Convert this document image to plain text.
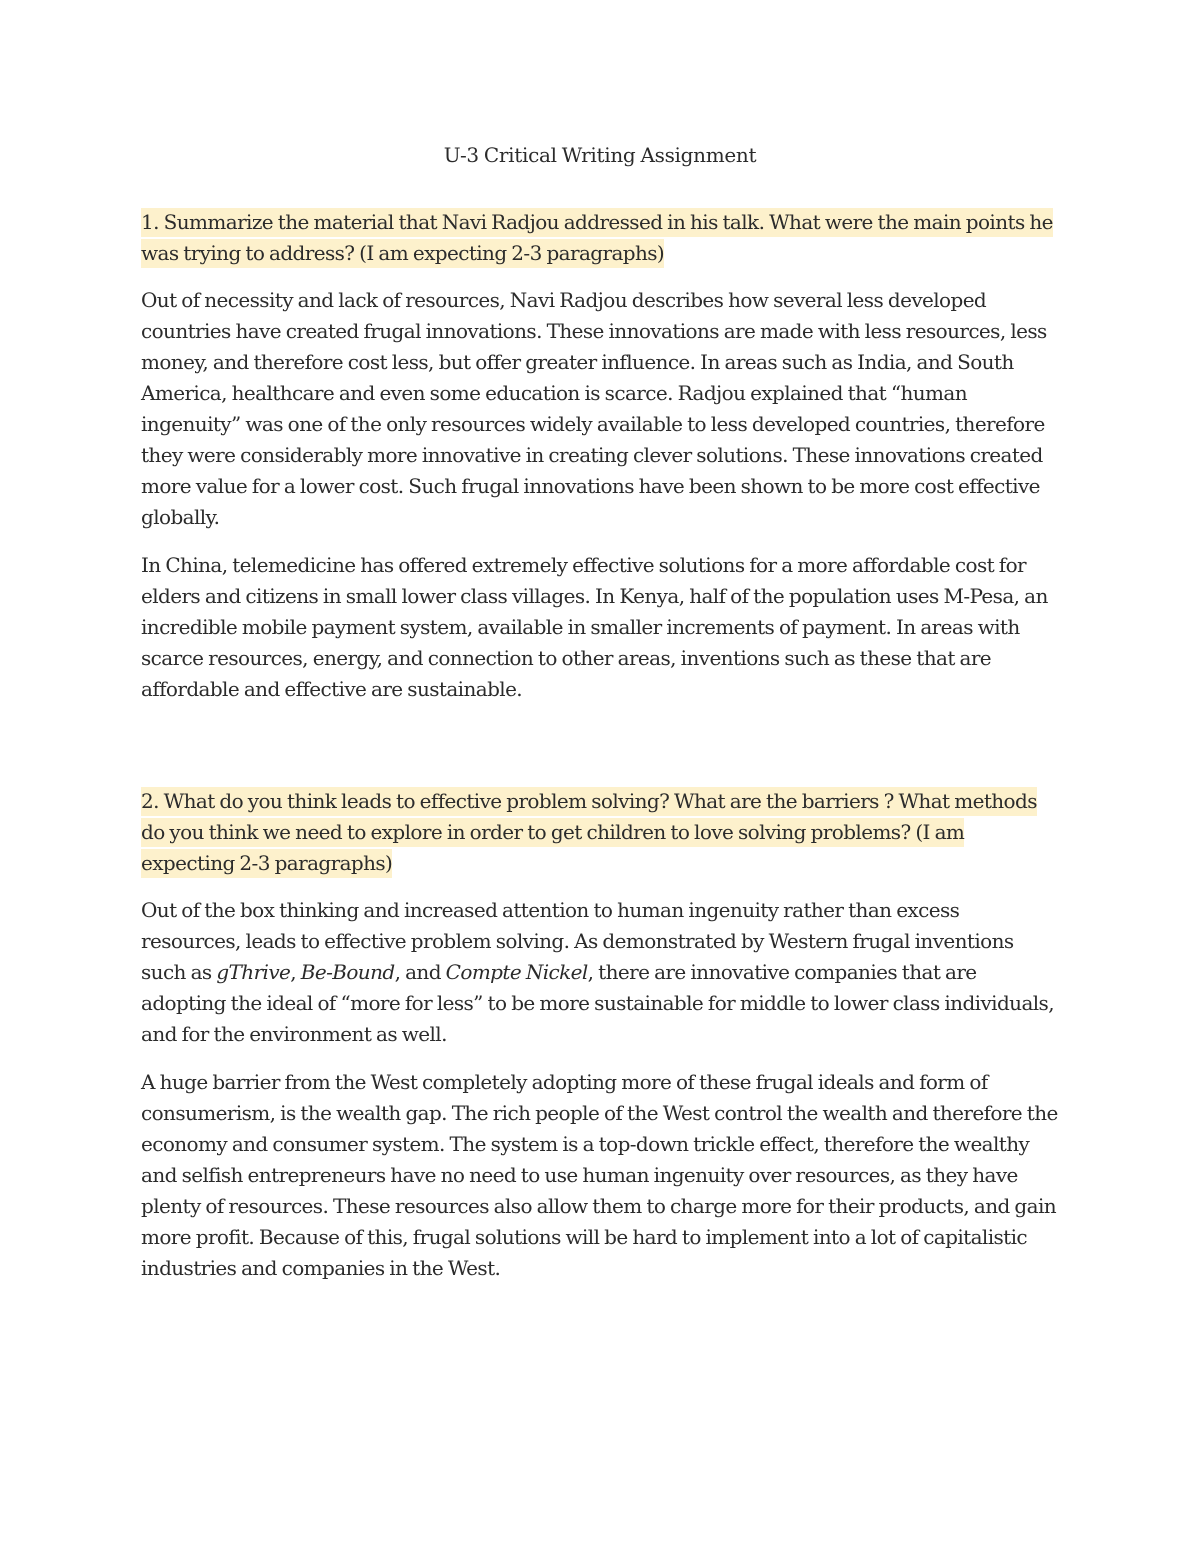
U-3 Critical Writing Assignment
1. Summarize the material that Navi Radjou addressed in his talk. What were the main points he was trying to address? (I am expecting 2-3 paragraphs)

Out of necessity and lack of resources, Navi Radjou describes how several less developed countries have created frugal innovations. These innovations are made with less resources, less money, and therefore cost less, but offer greater influence. In areas such as India, and South America, healthcare and even some education is scarce. Radjou explained that “human ingenuity” was one of the only resources widely available to less developed countries, therefore they were considerably more innovative in creating clever solutions. These innovations created more value for a lower cost. Such frugal innovations have been shown to be more cost effective globally.

In China, telemedicine has offered extremely effective solutions for a more affordable cost for elders and citizens in small lower class villages. In Kenya, half of the population uses M-Pesa, an incredible mobile payment system, available in smaller increments of payment. In areas with scarce resources, energy, and connection to other areas, inventions such as these that are affordable and effective are sustainable.

2. What do you think leads to effective problem solving? What are the barriers ? What methods do you think we need to explore in order to get children to love solving problems? (I am expecting 2-3 paragraphs)

Out of the box thinking and increased attention to human ingenuity rather than excess resources, leads to effective problem solving. As demonstrated by Western frugal inventions such as gThrive, Be-Bound, and Compte Nickel, there are innovative companies that are adopting the ideal of “more for less” to be more sustainable for middle to lower class individuals, and for the environment as well.

A huge barrier from the West completely adopting more of these frugal ideals and form of consumerism, is the wealth gap. The rich people of the West control the wealth and therefore the economy and consumer system. The system is a top-down trickle effect, therefore the wealthy and selfish entrepreneurs have no need to use human ingenuity over resources, as they have plenty of resources. These resources also allow them to charge more for their products, and gain more profit. Because of this, frugal solutions will be hard to implement into a lot of capitalistic industries and companies in the West.
